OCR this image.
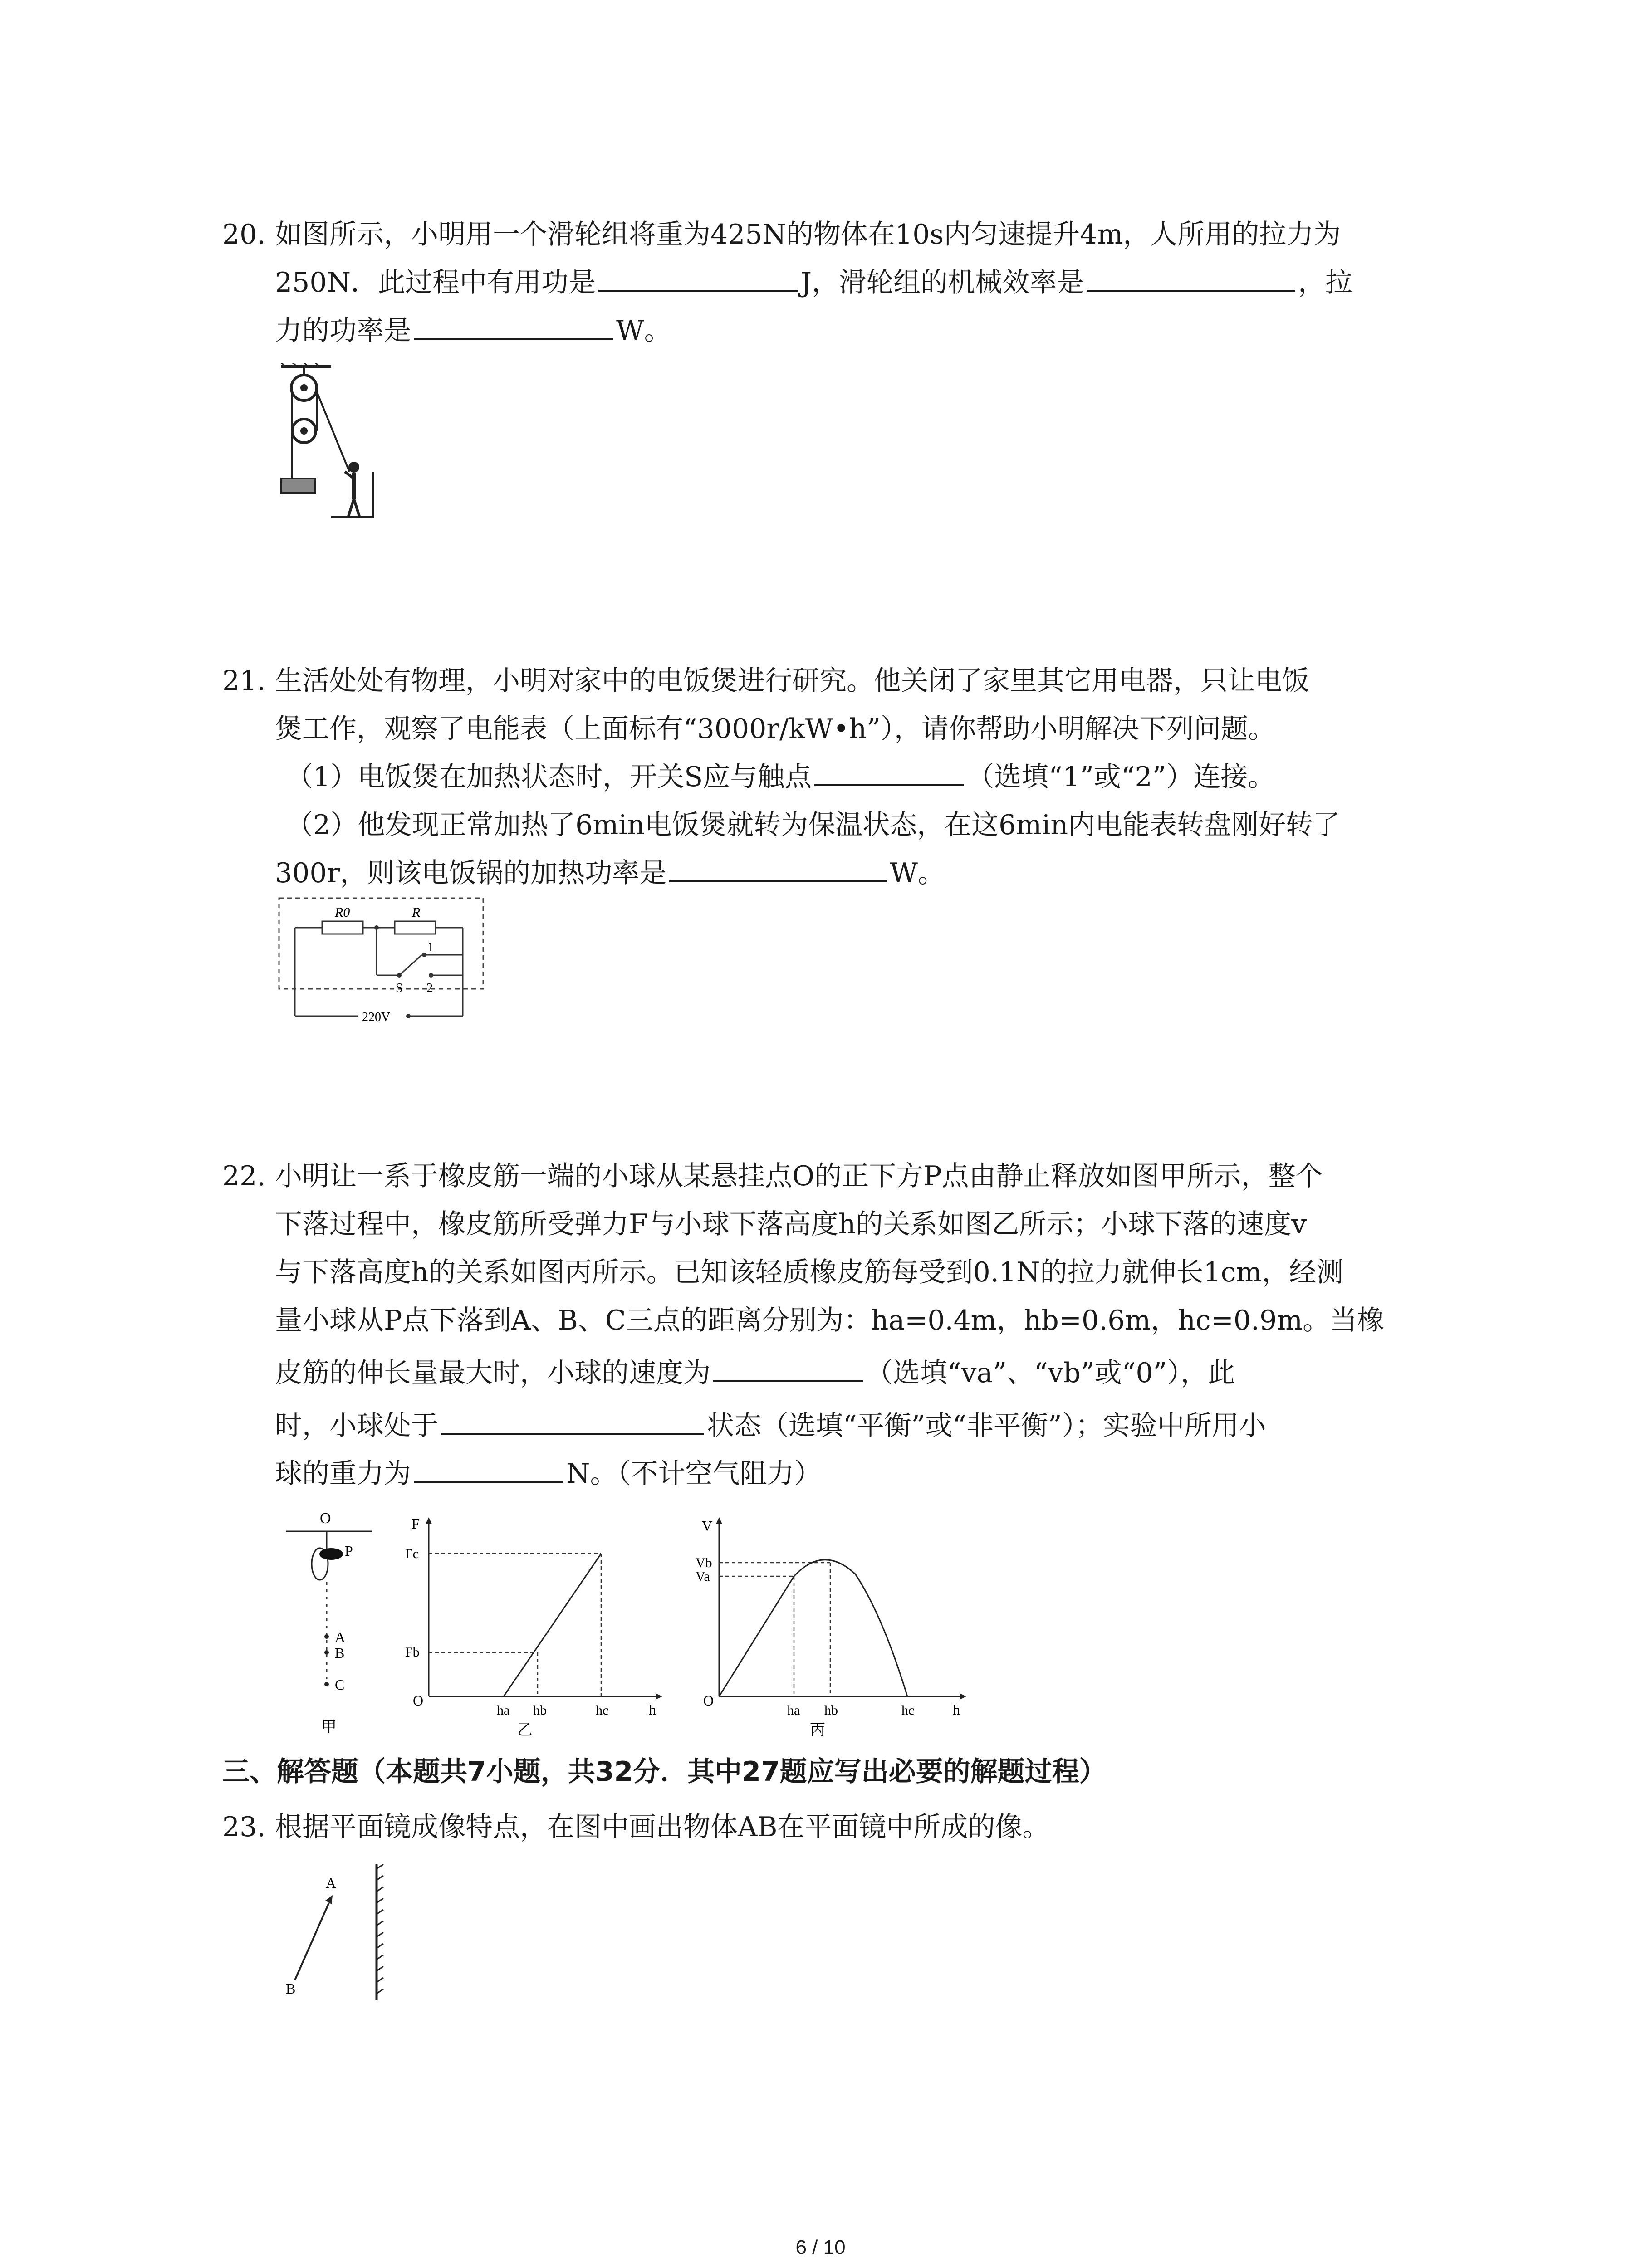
20. 如图所示，小明用一个滑轮组将重为425N的物体在10s内匀速提升4m，人所用的拉力为

250N．此过程中有用功是	J，滑轮组的机械效率是	，拉

力的功率是	W。

21. 生活处处有物理，小明对家中的电饭煲进行研究。他关闭了家里其它用电器，只让电饭

煲工作，观察了电能表（上面标有“3000r/kW•h”），请你帮助小明解决下列问题。

（1）电饭煲在加热状态时，开关S应与触点	（选填“1”或“2”）连接。

（2）他发现正常加热了6min电饭煲就转为保温状态，在这6min内电能表转盘刚好转了

300r，则该电饭锅的加热功率是	W。

R0	R
1
S 2
220V

22. 小明让一系于橡皮筋一端的小球从某悬挂点O的正下方P点由静止释放如图甲所示，整个

下落过程中，橡皮筋所受弹力F与小球下落高度h的关系如图乙所示；小球下落的速度v

与下落高度h的关系如图丙所示。已知该轻质橡皮筋每受到0.1N的拉力就伸长1cm，经测

量小球从P点下落到A、B、C三点的距离分别为：ha=0.4m，hb=0.6m，hc=0.9m。当橡

皮筋的伸长量最大时，小球的速度为	（选填“va”、“vb”或“0”），此

时，小球处于	状态（选填“平衡”或“非平衡”）；实验中所用小

球的重力为	N。（不计空气阻力）

O
P
A
B
C
甲
F
h
O
Fc
Fb
ha hb	hc
乙
V
h
O
Vb
Va
ha hb	hc
丙
三、解答题（本题共7小题，共32分．其中27题应写出必要的解题过程）

23. 根据平面镜成像特点，在图中画出物体AB在平面镜中所成的像。

A
B
6 / 10
